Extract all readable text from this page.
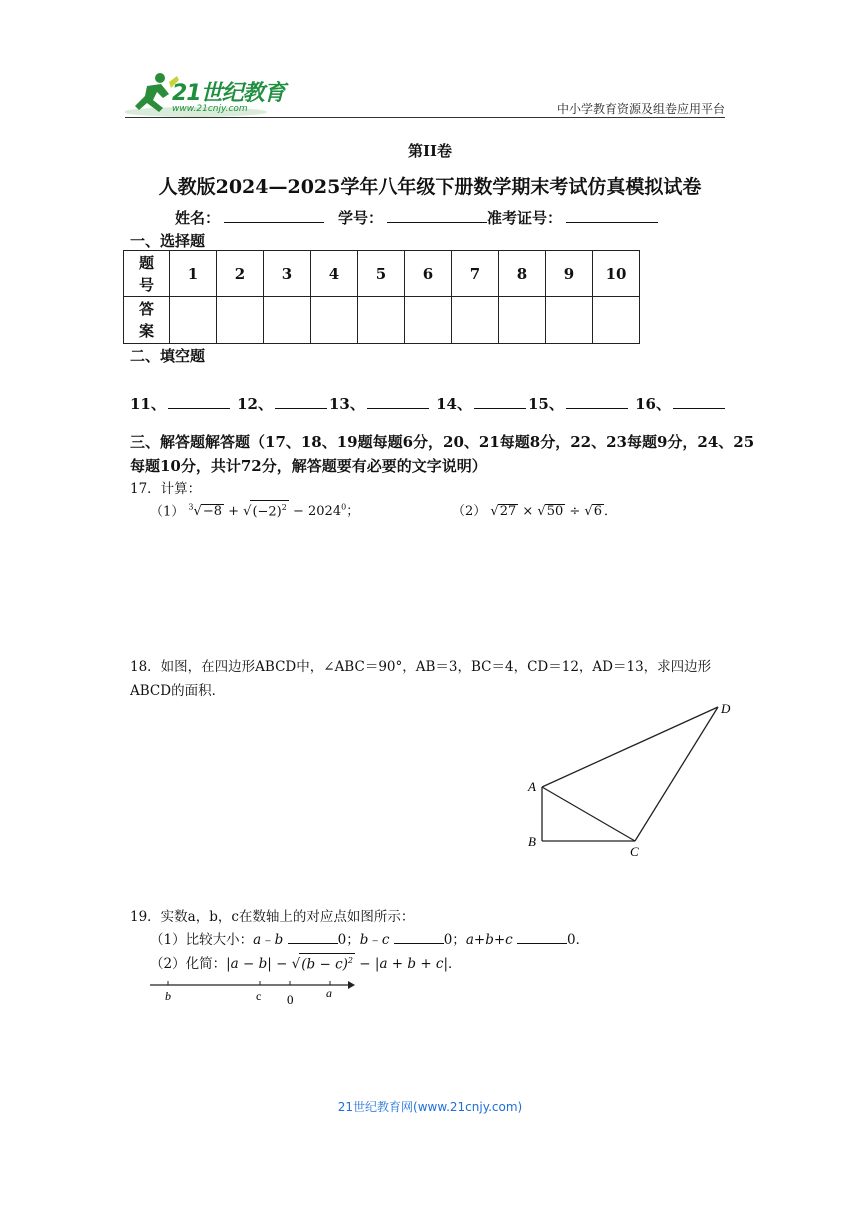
21世纪教育
www.21cnjy.com	中小学教育资源及组卷应用平台
第II卷
人教版2024—2025学年八年级下册数学期末考试仿真模拟试卷
姓名：	学号：	准考证号：
一、选择题
题号	1	2	3	4	5	6	7	8	9	10
答案										
二、填空题
11、	12、	13、	14、	15、	16、
三、解答题解答题（17、18、19题每题6分，20、21每题8分，22、23每题9分，24、25每题10分，共计72分，解答题要有必要的文字说明）
17．计算：
（1） $^3√-8 + √(-2)^2 - 2024^0$；	（2） √27 × √50 ÷ √6 ．
18．如图，在四边形ABCD中，∠ABC＝90°，AB＝3，BC＝4，CD＝12，AD＝13，求四边形ABCD的面积．
A
B
C
D
19．实数a，b，c在数轴上的对应点如图所示：
（1）比较大小：a﹣b	0；b﹣c	0；a+b+c	0．
（2）化简：$|a - b| - √(b - c)^2 - |a + b + c|$．
b	c 0	a
21世纪教育网(www.21cnjy.com)
